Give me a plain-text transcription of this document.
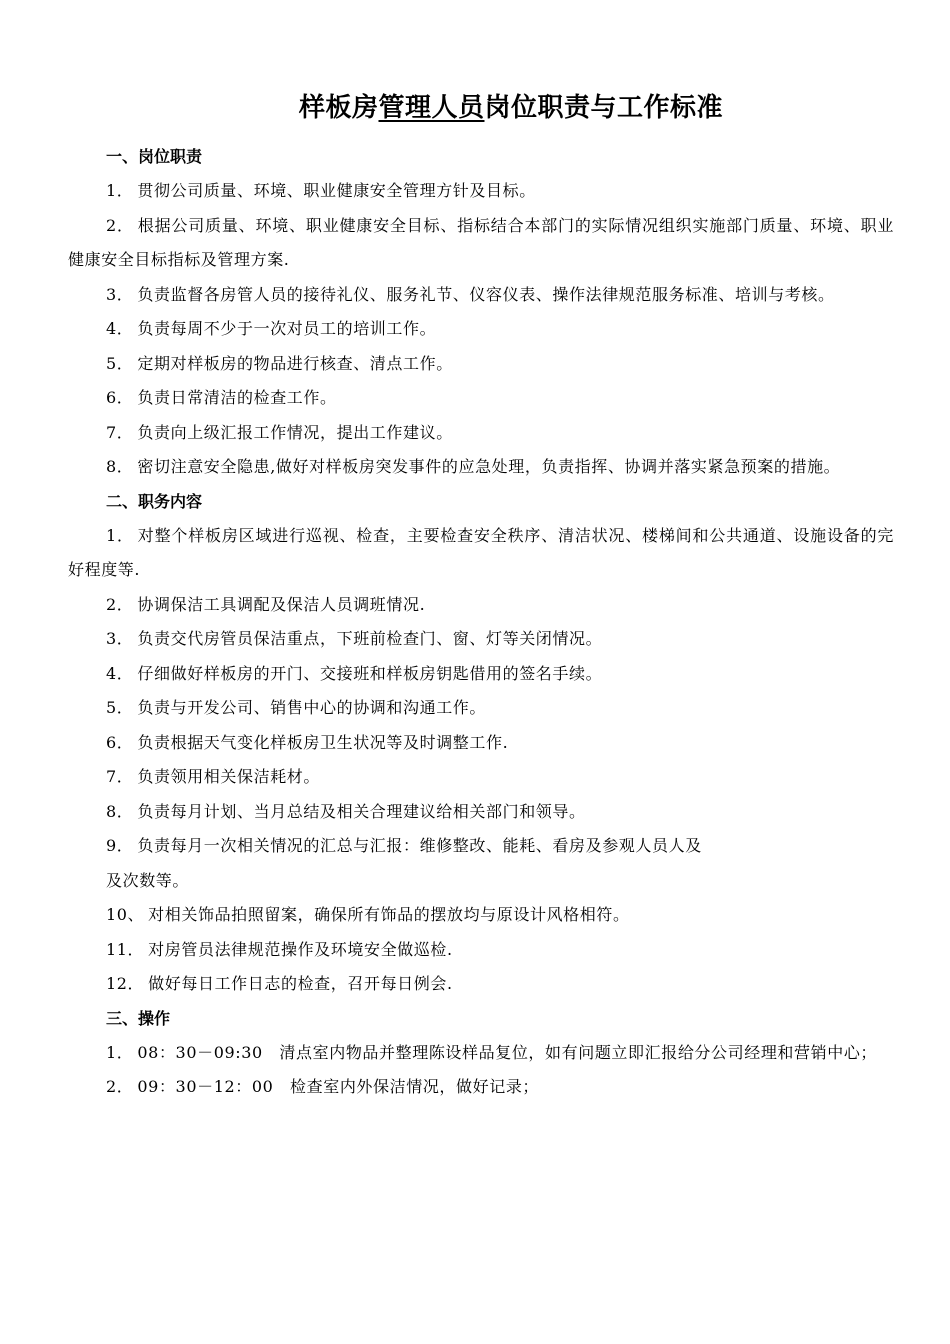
样板房管理人员岗位职责与工作标准
一、岗位职责

1． 贯彻公司质量、环境、职业健康安全管理方针及目标。

2． 根据公司质量、环境、职业健康安全目标、指标结合本部门的实际情况组织实施部门质量、环境、职业健康安全目标指标及管理方案.

3． 负责监督各房管人员的接待礼仪、服务礼节、仪容仪表、操作法律规范服务标准、培训与考核。

4． 负责每周不少于一次对员工的培训工作。

5． 定期对样板房的物品进行核查、清点工作。

6． 负责日常清洁的检查工作。

7． 负责向上级汇报工作情况，提出工作建议。

8． 密切注意安全隐患,做好对样板房突发事件的应急处理，负责指挥、协调并落实紧急预案的措施。

二、职务内容

1． 对整个样板房区域进行巡视、检查，主要检查安全秩序、清洁状况、楼梯间和公共通道、设施设备的完好程度等.

2． 协调保洁工具调配及保洁人员调班情况.

3． 负责交代房管员保洁重点，下班前检查门、窗、灯等关闭情况。

4． 仔细做好样板房的开门、交接班和样板房钥匙借用的签名手续。

5． 负责与开发公司、销售中心的协调和沟通工作。

6． 负责根据天气变化样板房卫生状况等及时调整工作.

7． 负责领用相关保洁耗材。

8． 负责每月计划、当月总结及相关合理建议给相关部门和领导。

9． 负责每月一次相关情况的汇总与汇报：维修整改、能耗、看房及参观人员人及

及次数等。

10、 对相关饰品拍照留案，确保所有饰品的摆放均与原设计风格相符。

11． 对房管员法律规范操作及环境安全做巡检.

12． 做好每日工作日志的检查，召开每日例会.

三、操作

1． 08：30－09:30　清点室内物品并整理陈设样品复位，如有问题立即汇报给分公司经理和营销中心；

2． 09：30－12：00　检查室内外保洁情况，做好记录；
